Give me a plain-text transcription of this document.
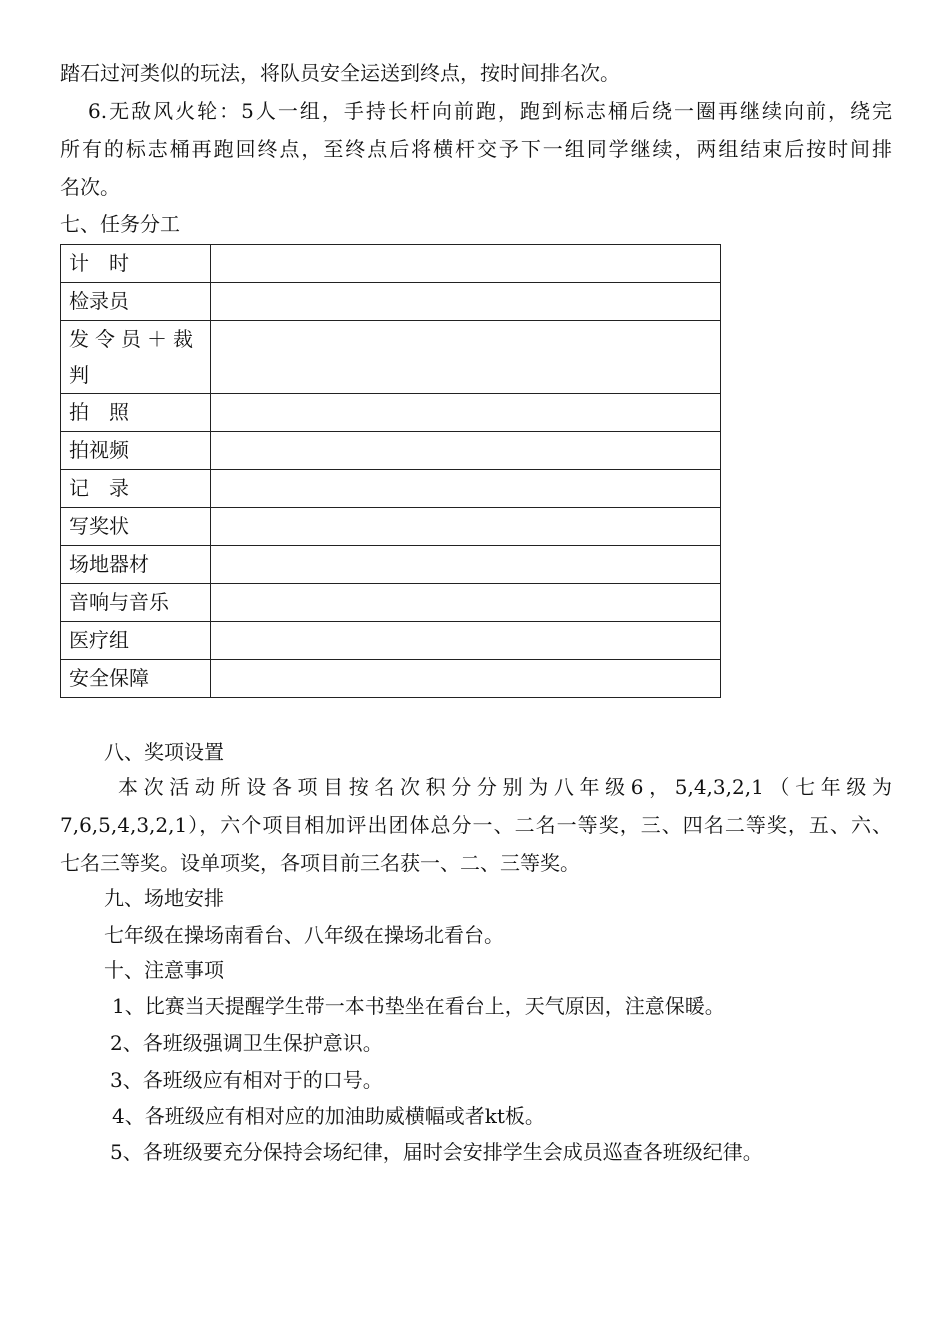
踏石过河类似的玩法，将队员安全运送到终点，按时间排名次。
6.无敌风火轮：5人一组，手持长杆向前跑，跑到标志桶后绕一圈再继续向前，绕完
所有的标志桶再跑回终点，至终点后将横杆交予下一组同学继续，两组结束后按时间排
名次。
七、任务分工
计　时	
检录员	
发令员＋裁判	
拍　照	
拍视频	
记　录	
写奖状	
场地器材	
音响与音乐	
医疗组	
安全保障	
八、奖项设置
本次活动所设各项目按名次积分分别为八年级6，5,4,3,2,1（七年级为
7,6,5,4,3,2,1），六个项目相加评出团体总分一、二名一等奖，三、四名二等奖，五、六、
七名三等奖。设单项奖，各项目前三名获一、二、三等奖。
九、场地安排
七年级在操场南看台、八年级在操场北看台。
十、注意事项
1、比赛当天提醒学生带一本书垫坐在看台上，天气原因，注意保暖。
2、各班级强调卫生保护意识。
3、各班级应有相对于的口号。
4、各班级应有相对应的加油助威横幅或者kt板。
5、各班级要充分保持会场纪律，届时会安排学生会成员巡查各班级纪律。
